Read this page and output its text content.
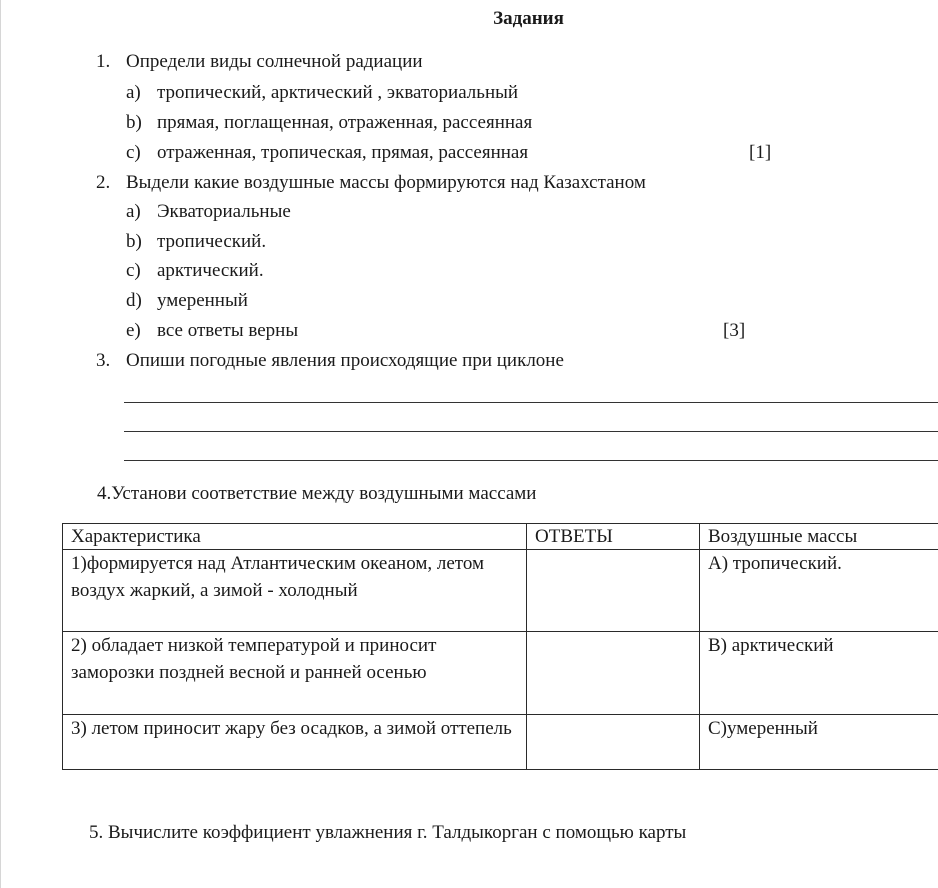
Задания
1. Определи виды солнечной радиации
a) тропический, арктический , экваториальный
b) прямая, поглащенная, отраженная, рассеянная
c) отраженная, тропическая, прямая, рассеянная	[1]
2. Выдели какие воздушные массы формируются над Казахстаном
a) Экваториальные
b) тропический.
c) арктический.
d) умеренный
e) все ответы верны	[3]
3. Опиши погодные явления происходящие при циклоне
4.Установи соответствие между воздушными массами
Характеристика	ОТВЕТЫ	Воздушные массы
1)формируется над Атлантическим океаном, летом воздух жаркий, а зимой - холодный		A) тропический.
2) обладает низкой температурой и приносит заморозки поздней весной и ранней осенью		B) арктический
3) летом приносит жару без осадков, а зимой оттепель		C)умеренный
5. Вычислите коэффициент увлажнения г. Талдыкорган с помощью карты
